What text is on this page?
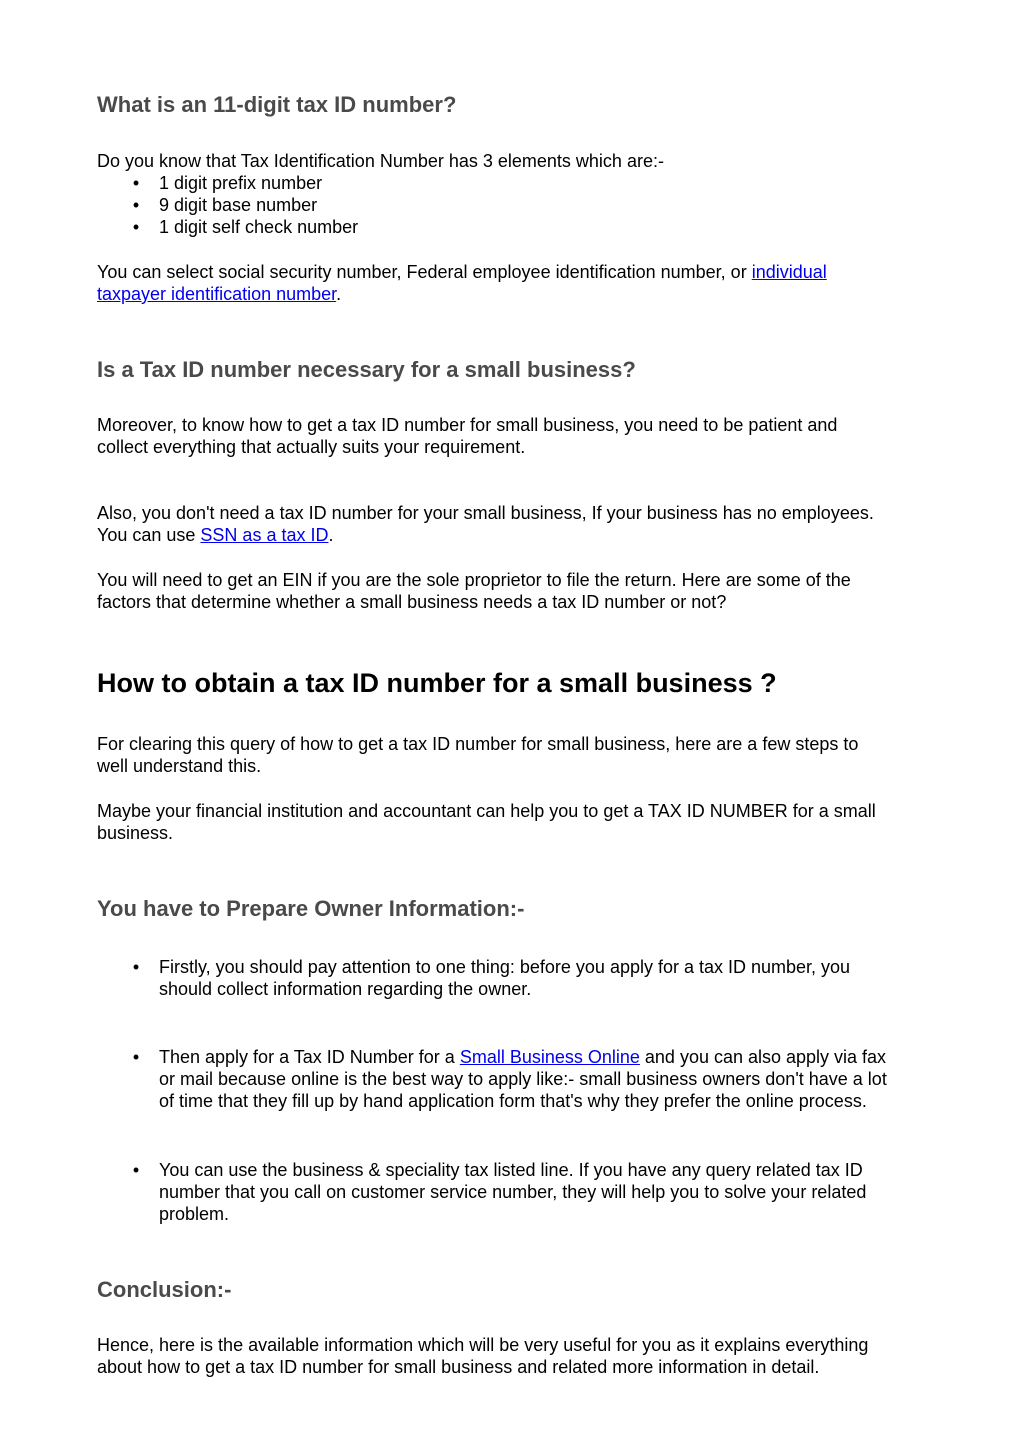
What is an 11-digit tax ID number?

Do you know that Tax Identification Number has 3 elements which are:-

• 1 digit prefix number
• 9 digit base number
• 1 digit self check number
You can select social security number, Federal employee identification number, or individual
taxpayer identification number.
Is a Tax ID number necessary for a small business?
Moreover, to know how to get a tax ID number for small business, you need to be patient and
collect everything that actually suits your requirement.
Also, you don't need a tax ID number for your small business, If your business has no employees.
You can use SSN as a tax ID.
You will need to get an EIN if you are the sole proprietor to file the return. Here are some of the
factors that determine whether a small business needs a tax ID number or not?
How to obtain a tax ID number for a small business ?
For clearing this query of how to get a tax ID number for small business, here are a few steps to
well understand this.
Maybe your financial institution and accountant can help you to get a TAX ID NUMBER for a small
business.
You have to Prepare Owner Information:-
• Firstly, you should pay attention to one thing: before you apply for a tax ID number, you
should collect information regarding the owner.
• Then apply for a Tax ID Number for a Small Business Online and you can also apply via fax
or mail because online is the best way to apply like:- small business owners don't have a lot
of time that they fill up by hand application form that's why they prefer the online process.
• You can use the business & speciality tax listed line. If you have any query related tax ID
number that you call on customer service number, they will help you to solve your related
problem.
Conclusion:-
Hence, here is the available information which will be very useful for you as it explains everything
about how to get a tax ID number for small business and related more information in detail.
